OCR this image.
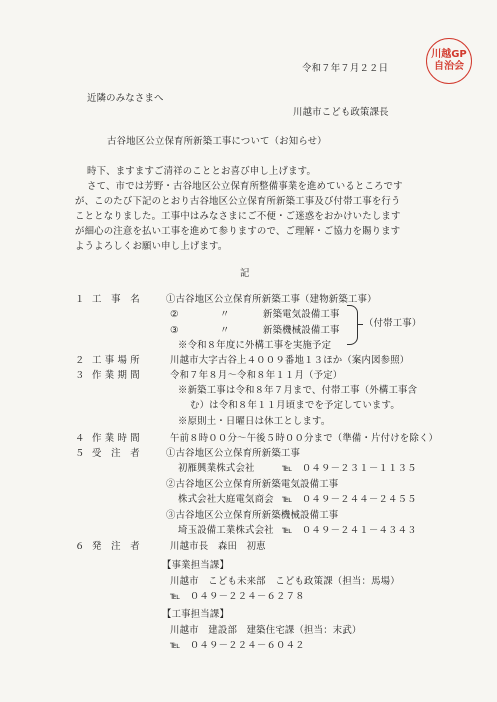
川越GP
自治会
令和７年７月２２日
近隣のみなさまへ
川越市こども政策課長
古谷地区公立保育所新築工事について（お知らせ）
時下、ますますご清祥のこととお喜び申し上げます。
さて、市では芳野・古谷地区公立保育所整備事業を進めているところです
が、このたび下記のとおり古谷地区公立保育所新築工事及び付帯工事を行う
こととなりました。工事中はみなさまにご不便・ご迷惑をおかけいたします
が細心の注意を払い工事を進めて参りますので、ご理解・ご協力を賜ります
ようよろしくお願い申し上げます。
記
１ 工　事　名	①古谷地区公立保育所新築工事（建物新築工事）
②	〃	新築電気設備工事
③	〃	新築機械設備工事
（付帯工事）
※令和８年度に外構工事を実施予定
２ 工 事 場 所	川越市大字古谷上４００９番地１３ほか（案内図参照）
３ 作 業 期 間	令和７年８月～令和８年１１月（予定）
※新築工事は令和８年７月まで、付帯工事（外構工事含
む）は令和８年１１月頃までを予定しています。
※原則土・日曜日は休工とします。
４ 作 業 時 間	午前８時００分～午後５時００分まで（準備・片付けを除く）
５ 受　注　者	①古谷地区公立保育所新築工事
初雁興業株式会社	℡　０４９－２３１－１１３５
②古谷地区公立保育所新築電気設備工事
株式会社大庭電気商会 ℡　０４９－２４４－２４５５
③古谷地区公立保育所新築機械設備工事
埼玉設備工業株式会社 ℡　０４９－２４１－４３４３
６ 発　注　者	川越市長　森田　初恵
【事業担当課】
川越市　こども未来部　こども政策課（担当：馬場）
℡　０４９－２２４－６２７８
【工事担当課】
川越市　建設部　建築住宅課（担当：末武）
℡　０４９－２２４－６０４２
